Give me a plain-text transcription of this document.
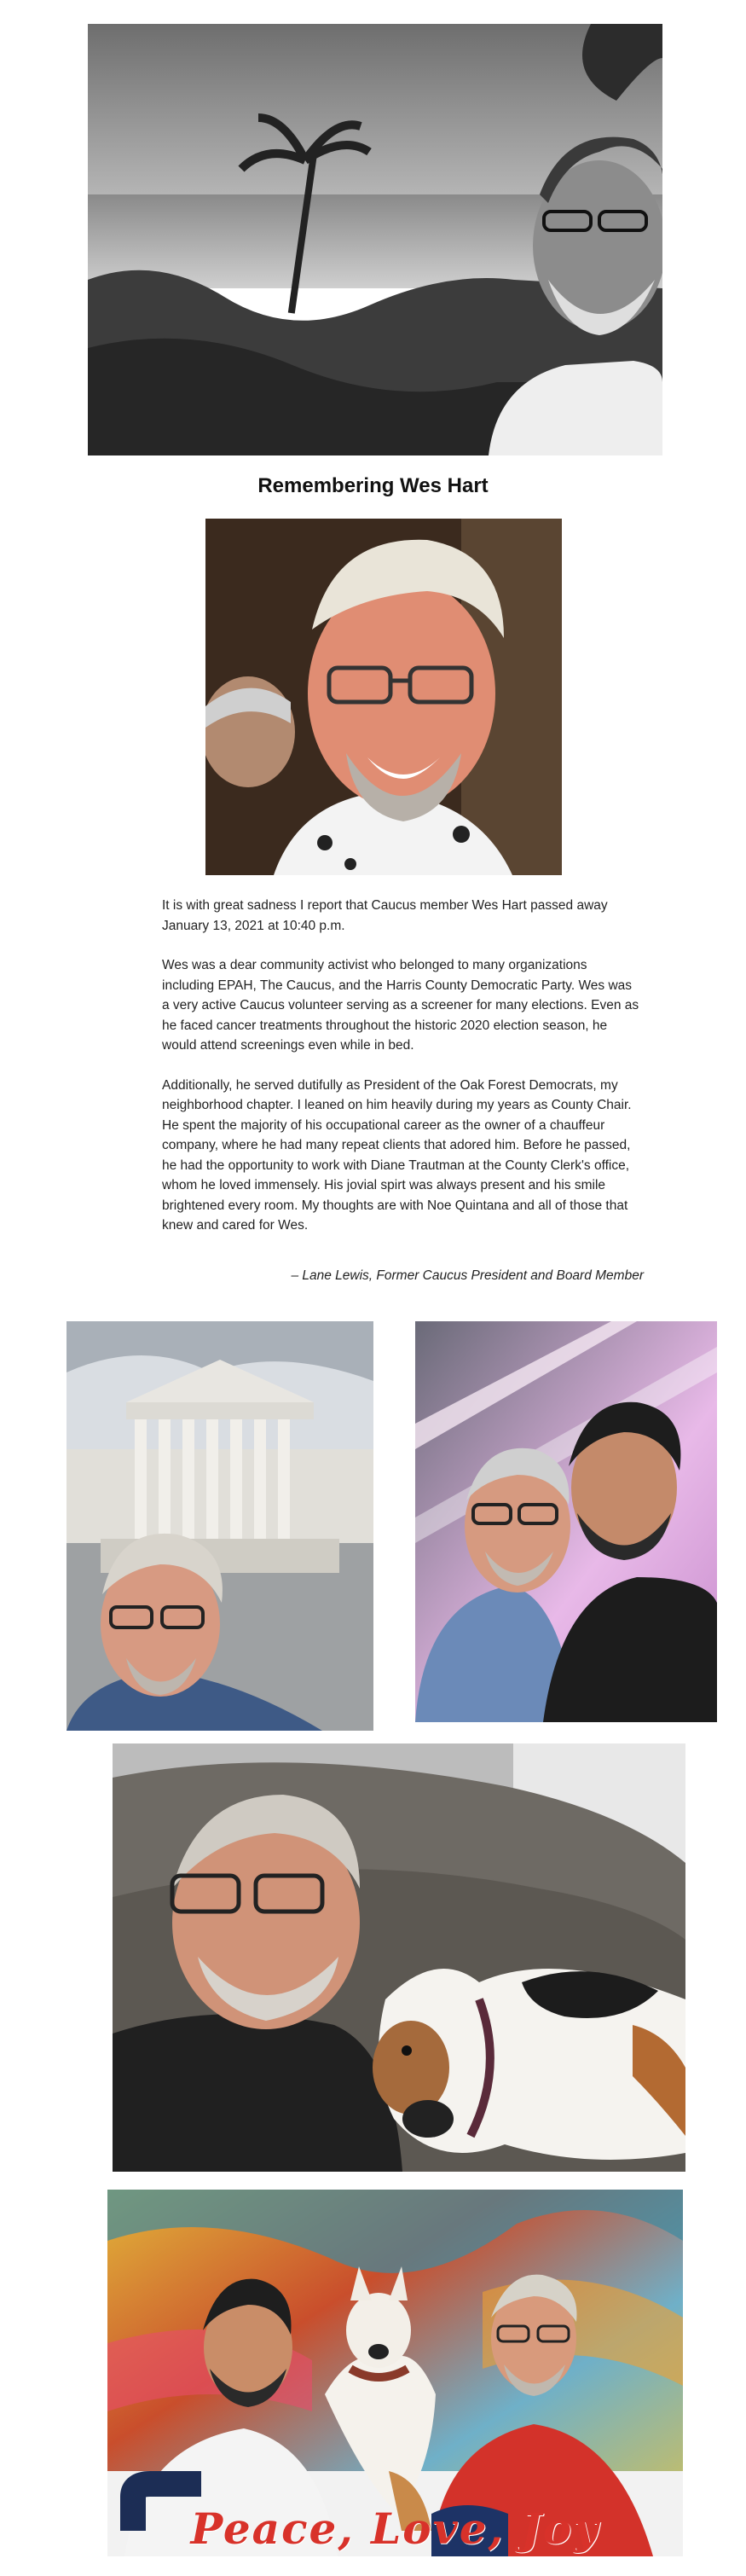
Remembering Wes Hart

It is with great sadness I report that Caucus member Wes Hart passed away January 13, 2021 at 10:40 p.m.

Wes was a dear community activist who belonged to many organizations including EPAH, The Caucus, and the Harris County Democratic Party. Wes was a very active Caucus volunteer serving as a screener for many elections. Even as he faced cancer treatments throughout the historic 2020 election season, he would attend screenings even while in bed.

Additionally, he served dutifully as President of the Oak Forest Democrats, my neighborhood chapter. I leaned on him heavily during my years as County Chair. He spent the majority of his occupational career as the owner of a chauffeur company, where he had many repeat clients that adored him. Before he passed, he had the opportunity to work with Diane Trautman at the County Clerk's office, whom he loved immensely. His jovial spirt was always present and his smile brightened every room. My thoughts are with Noe Quintana and all of those that knew and cared for Wes.

– Lane Lewis, Former Caucus President and Board Member
Peace, Love, Joy
